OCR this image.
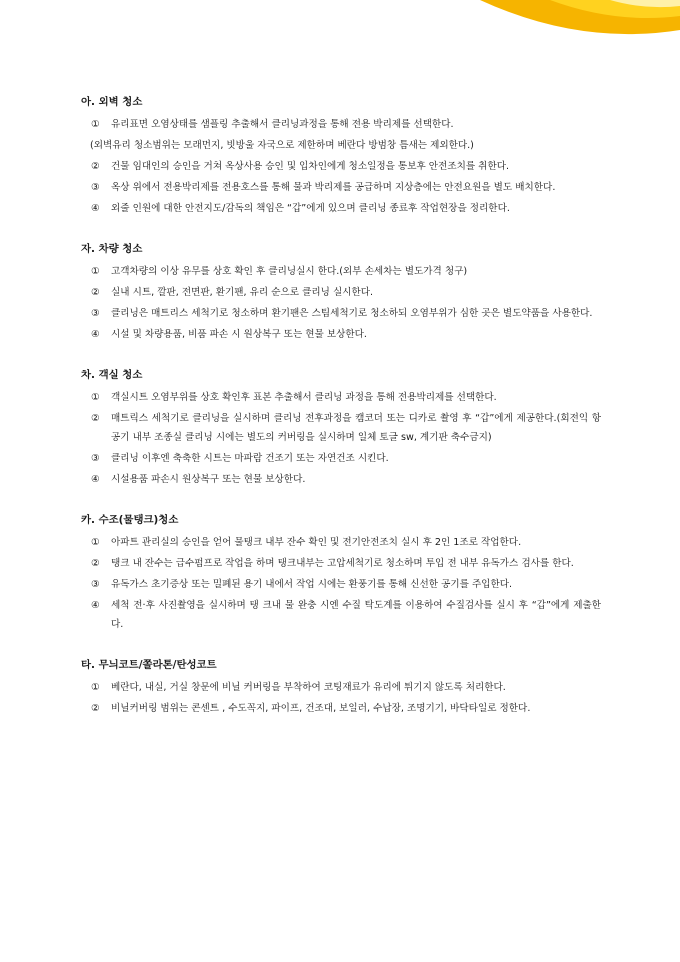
아. 외벽 청소
①	유리표면 오염상태를 샘플링 추출해서 클리닝과정을 통해 전용 박리제를 선택한다.
(외벽유리 청소범위는 모래먼지, 빗방울 자국으로 제한하며 베란다 방범창 틈새는 제외한다.)
②	건물 임대인의 승인을 거쳐 옥상사용 승인 및 입차인에게 청소일정을 통보후 안전조치를 취한다.
③	옥상 위에서 전용박리제를 전용호스를 통해 물과 박리제를 공급하며 지상층에는 안전요원을 별도 배치한다.
④	외줄 인원에 대한 안전지도/감독의 책임은 “갑”에게 있으며 클리닝 종료후 작업현장을 정리한다.
자. 차량 청소
①	고객차량의 이상 유무를 상호 확인 후 클리닝실시 한다.(외부 손세차는 별도가격 청구)
②	실내 시트, 깔판, 전면판, 환기팬, 유리 순으로 클리닝 실시한다.
③	클리닝은 매트리스 세척기로 청소하며 환기팬은 스팀세척기로 청소하되 오염부위가 심한 곳은 별도약품을 사용한다.
④	시설 및 차량용품, 비품 파손 시 원상복구 또는 현물 보상한다.
차. 객실 청소
①	객실시트 오염부위를 상호 확인후 표본 추출해서 클리닝 과정을 통해 전용박리제를 선택한다.
②	매트릭스 세척기로 클리닝을 실시하며 클리닝 전후과정을 캠코더 또는 디카로 촬영 후 “갑”에게 제공한다.(회전익 항공기 내부 조종실 클리닝 시에는 별도의 커버링을 실시하며 일체 토글 sw, 계기판 축수금지)
③	클리닝 이후엔 축축한 시트는 마파람 건조기 또는 자연건조 시킨다.
④	시설용품 파손시 원상복구 또는 현물 보상한다.
카. 수조(물탱크)청소
①	아파트 관리실의 승인을 얻어 물탱크 내부 잔수 확인 및 전기안전조치 실시 후 2인 1조로 작업한다.
②	탱크 내 잔수는 급수펌프로 작업을 하며 탱크내부는 고압세척기로 청소하며 투입 전 내부 유독가스 검사를 한다.
③	유독가스 초기증상 또는 밀폐된 용기 내에서 작업 시에는 환풍기를 통해 신선한 공기를 주입한다.
④	세척 전·후 사진촬영을 실시하며 탱 크내 물 완충 시엔 수질 탁도계를 이용하여 수질검사를 실시 후 “갑”에게 제출한다.
타. 무늬코트/쫄라톤/탄성코트
①	베란다, 내실, 거실 창문에 비닐 커버링을 부착하여 코팅재료가 유리에 튀기지 않도록 처리한다.
②	비닐커버링 범위는 콘센트 , 수도꼭지, 파이프, 건조대, 보일러, 수납장, 조명기기, 바닥타일로 정한다.
